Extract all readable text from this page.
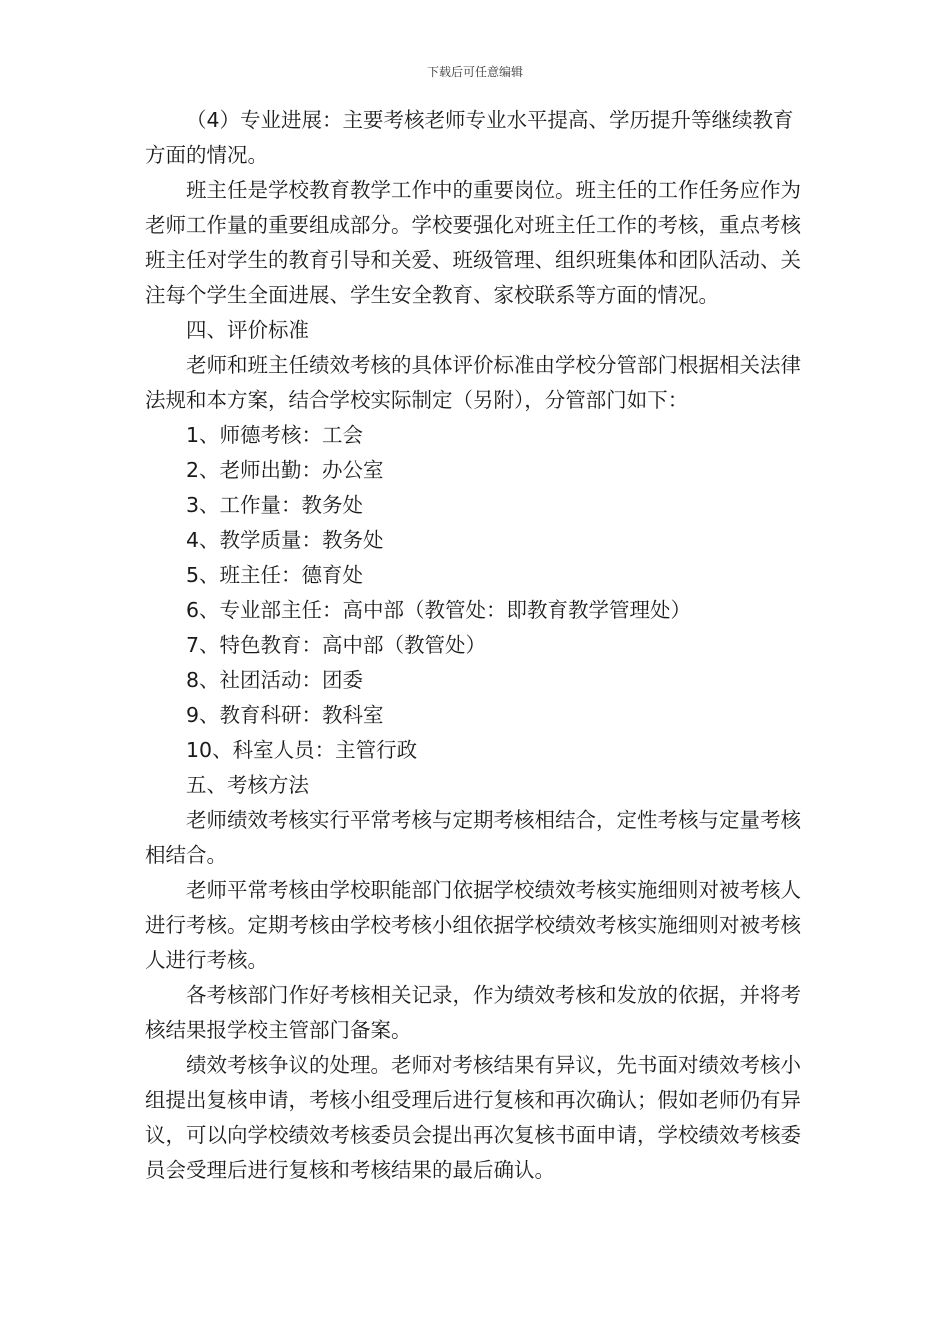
下载后可任意编辑

（4）专业进展：主要考核老师专业水平提高、学历提升等继续教育方面的情况。

班主任是学校教育教学工作中的重要岗位。班主任的工作任务应作为老师工作量的重要组成部分。学校要强化对班主任工作的考核，重点考核班主任对学生的教育引导和关爱、班级管理、组织班集体和团队活动、关注每个学生全面进展、学生安全教育、家校联系等方面的情况。

四、评价标准

老师和班主任绩效考核的具体评价标准由学校分管部门根据相关法律法规和本方案，结合学校实际制定（另附），分管部门如下：

1、师德考核：工会

2、老师出勤：办公室

3、工作量：教务处

4、教学质量：教务处

5、班主任：德育处

6、专业部主任：高中部（教管处：即教育教学管理处）

7、特色教育：高中部（教管处）

8、社团活动：团委

9、教育科研：教科室

10、科室人员：主管行政

五、考核方法

老师绩效考核实行平常考核与定期考核相结合，定性考核与定量考核相结合。

老师平常考核由学校职能部门依据学校绩效考核实施细则对被考核人进行考核。定期考核由学校考核小组依据学校绩效考核实施细则对被考核人进行考核。

各考核部门作好考核相关记录，作为绩效考核和发放的依据，并将考核结果报学校主管部门备案。

绩效考核争议的处理。老师对考核结果有异议，先书面对绩效考核小组提出复核申请，考核小组受理后进行复核和再次确认；假如老师仍有异议，可以向学校绩效考核委员会提出再次复核书面申请，学校绩效考核委员会受理后进行复核和考核结果的最后确认。
